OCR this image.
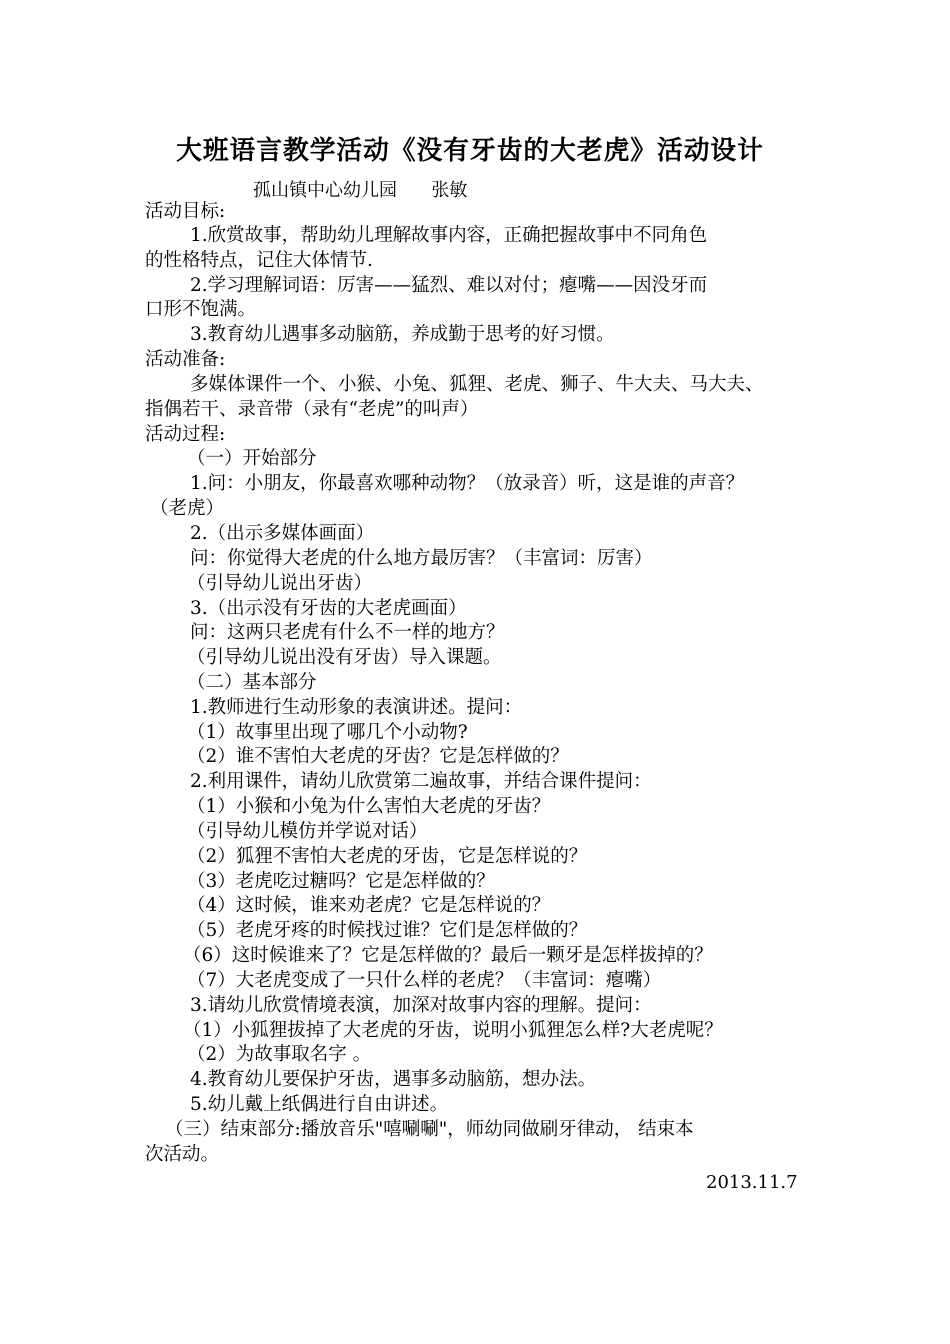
大班语言教学活动《没有牙齿的大老虎》活动设计
孤山镇中心幼儿园      张敏
活动目标:
1.欣赏故事，帮助幼儿理解故事内容，正确把握故事中不同角色
的性格特点，记住大体情节.
2.学习理解词语：厉害——猛烈、难以对付；瘪嘴——因没牙而
口形不饱满。
3.教育幼儿遇事多动脑筋，养成勤于思考的好习惯。
活动准备:
多媒体课件一个、小猴、小兔、狐狸、老虎、狮子、牛大夫、马大夫、
指偶若干、录音带（录有“老虎”的叫声）
活动过程:
（一）开始部分
1.问：小朋友，你最喜欢哪种动物？（放录音）听，这是谁的声音？
（老虎）
2.（出示多媒体画面）
问：你觉得大老虎的什么地方最厉害？（丰富词：厉害）
（引导幼儿说出牙齿）
3.（出示没有牙齿的大老虎画面）
问：这两只老虎有什么不一样的地方？
（引导幼儿说出没有牙齿）导入课题。
（二）基本部分
1.教师进行生动形象的表演讲述。提问：
（1）故事里出现了哪几个小动物?
（2）谁不害怕大老虎的牙齿？它是怎样做的？
2.利用课件，请幼儿欣赏第二遍故事，并结合课件提问：
（1）小猴和小兔为什么害怕大老虎的牙齿？
（引导幼儿模仿并学说对话）
（2）狐狸不害怕大老虎的牙齿，它是怎样说的？
（3）老虎吃过糖吗？它是怎样做的？
（4）这时候，谁来劝老虎？它是怎样说的？
（5）老虎牙疼的时候找过谁？它们是怎样做的？
（6）这时候谁来了？它是怎样做的？最后一颗牙是怎样拔掉的？
（7）大老虎变成了一只什么样的老虎？（丰富词：瘪嘴）
3.请幼儿欣赏情境表演，加深对故事内容的理解。提问：
（1）小狐狸拔掉了大老虎的牙齿，说明小狐狸怎么样?大老虎呢？
（2）为故事取名字 。
4.教育幼儿要保护牙齿，遇事多动脑筋，想办法。
5.幼儿戴上纸偶进行自由讲述。
（三）结束部分:播放音乐"嘻唰唰"，师幼同做刷牙律动， 结束本
次活动。
2013.11.7
